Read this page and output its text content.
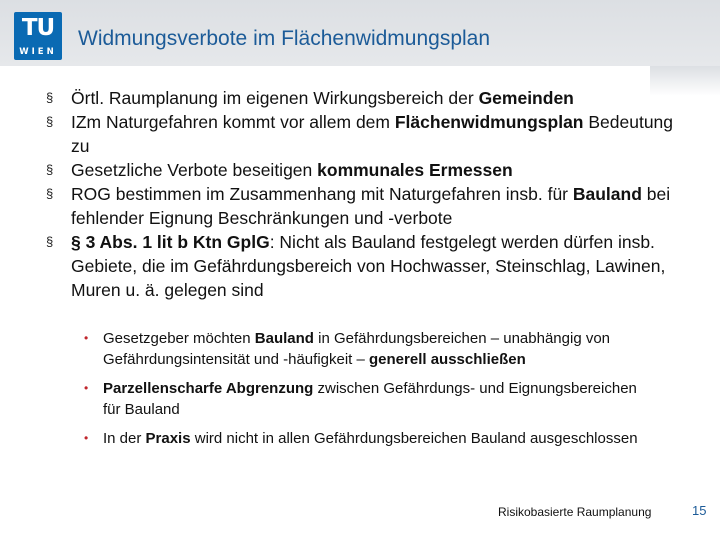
TU
WIEN
Widmungsverbote im Flächenwidmungsplan
§ Örtl. Raumplanung im eigenen Wirkungsbereich der Gemeinden
§ IZm Naturgefahren kommt vor allem dem Flächenwidmungsplan Bedeutung zu
§ Gesetzliche Verbote beseitigen kommunales Ermessen
§ ROG bestimmen im Zusammenhang mit Naturgefahren insb. für Bauland bei fehlender Eignung Beschränkungen und -verbote
§ § 3 Abs. 1 lit b Ktn GplG: Nicht als Bauland festgelegt werden dürfen insb. Gebiete, die im Gefährdungsbereich von Hochwasser, Steinschlag, Lawinen, Muren u. ä. gelegen sind
• Gesetzgeber möchten Bauland in Gefährdungsbereichen – unabhängig von Gefährdungsintensität und -häufigkeit – generell ausschließen
• Parzellenscharfe Abgrenzung zwischen Gefährdungs- und Eignungsbereichen für Bauland
• In der Praxis wird nicht in allen Gefährdungsbereichen Bauland ausgeschlossen
Risikobasierte Raumplanung	15
